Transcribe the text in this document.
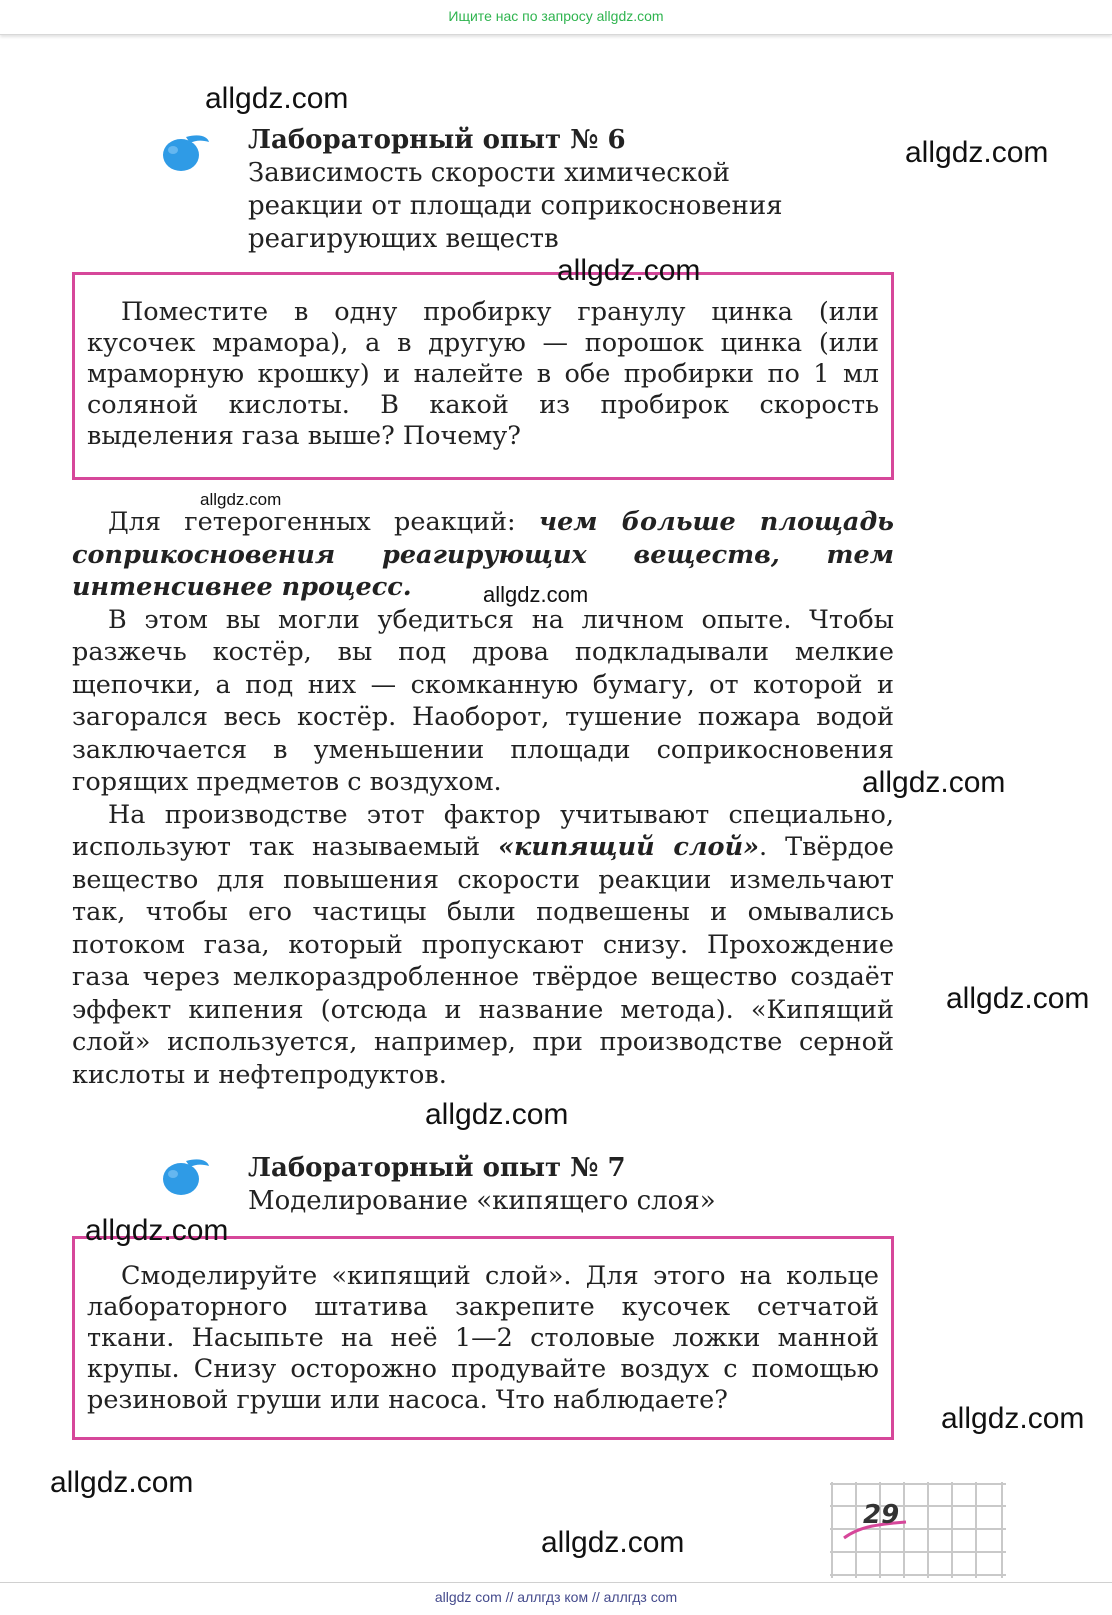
Ищите нас по запросу allgdz.com
Лабораторный опыт № 6
Зависимость скорости химической
реакции от площади соприкосновения
реагирующих веществ

Поместите в одну пробирку гранулу цинка (или кусочек мрамора), а в другую — порошок цинка (или мраморную крошку) и налейте в обе пробирки по 1 мл соляной кислоты. В какой из пробирок скорость выделения газа выше? Почему?

Для гетерогенных реакций: чем больше площадь соприкосновения реагирующих веществ, тем интенсивнее процесс.

В этом вы могли убедиться на личном опыте. Чтобы разжечь костёр, вы под дрова подкладывали мелкие щепочки, а под них — скомканную бумагу, от которой и загорался весь костёр. Наоборот, тушение пожара водой заключается в уменьшении площади соприкосновения горящих предметов с воздухом.

На производстве этот фактор учитывают специально, используют так называемый «кипящий слой». Твёрдое вещество для повышения скорости реакции измельчают так, чтобы его частицы были подвешены и омывались потоком газа, который пропускают снизу. Прохождение газа через мелкораздробленное твёрдое вещество создаёт эффект кипения (отсюда и название метода). «Кипящий слой» используется, например, при производстве серной кислоты и нефтепродуктов.

Лабораторный опыт № 7
Моделирование «кипящего слоя»

Смоделируйте «кипящий слой». Для этого на кольце лабораторного штатива закрепите кусочек сетчатой ткани. Насыпьте на неё 1—2 столовые ложки манной крупы. Снизу осторожно продувайте воздух с помощью резиновой груши или насоса. Что наблюдаете?

29
allgdz.com
allgdz.com
allgdz.com
allgdz.com
allgdz.com
allgdz.com
allgdz.com
allgdz.com
allgdz.com
allgdz.com
allgdz.com
allgdz.com
allgdz com // аллгдз ком // аллгдз com
